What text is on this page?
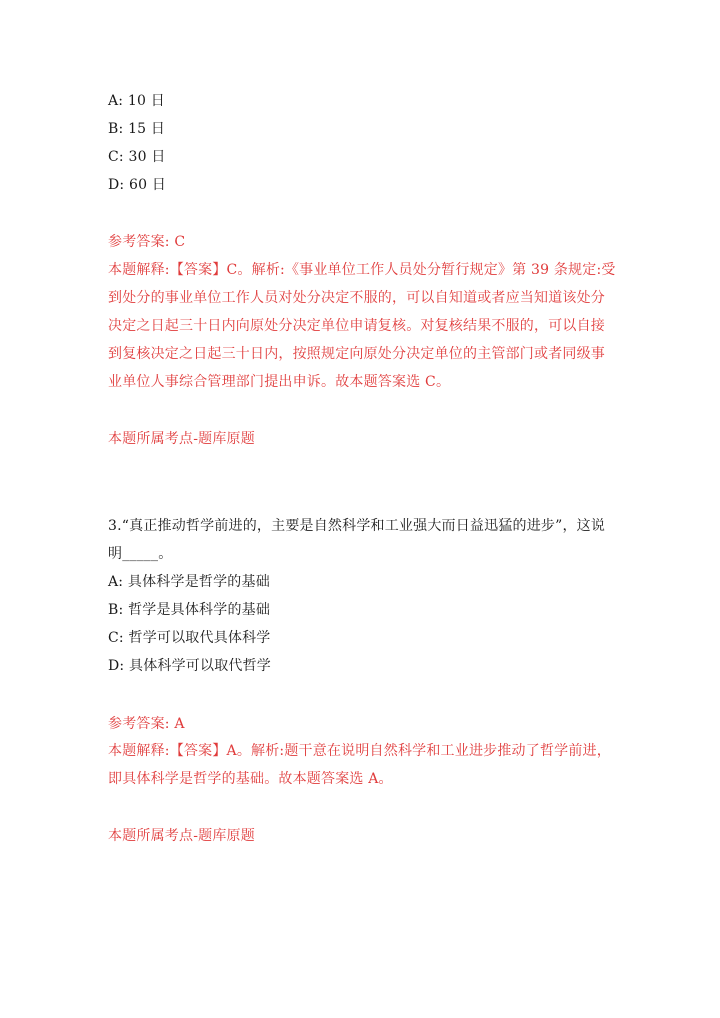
A: 10 日
B: 15 日
C: 30 日
D: 60 日
参考答案: C
本题解释:【答案】C。解析:《事业单位工作人员处分暂行规定》第 39 条规定:受到处分的事业单位工作人员对处分决定不服的，可以自知道或者应当知道该处分决定之日起三十日内向原处分决定单位申请复核。对复核结果不服的，可以自接到复核决定之日起三十日内，按照规定向原处分决定单位的主管部门或者同级事业单位人事综合管理部门提出申诉。故本题答案选 C。
本题所属考点-题库原题
3.“真正推动哲学前进的，主要是自然科学和工业强大而日益迅猛的进步”，这说明_____。
A: 具体科学是哲学的基础
B: 哲学是具体科学的基础
C: 哲学可以取代具体科学
D: 具体科学可以取代哲学
参考答案: A
本题解释:【答案】A。解析:题干意在说明自然科学和工业进步推动了哲学前进，即具体科学是哲学的基础。故本题答案选 A。
本题所属考点-题库原题
